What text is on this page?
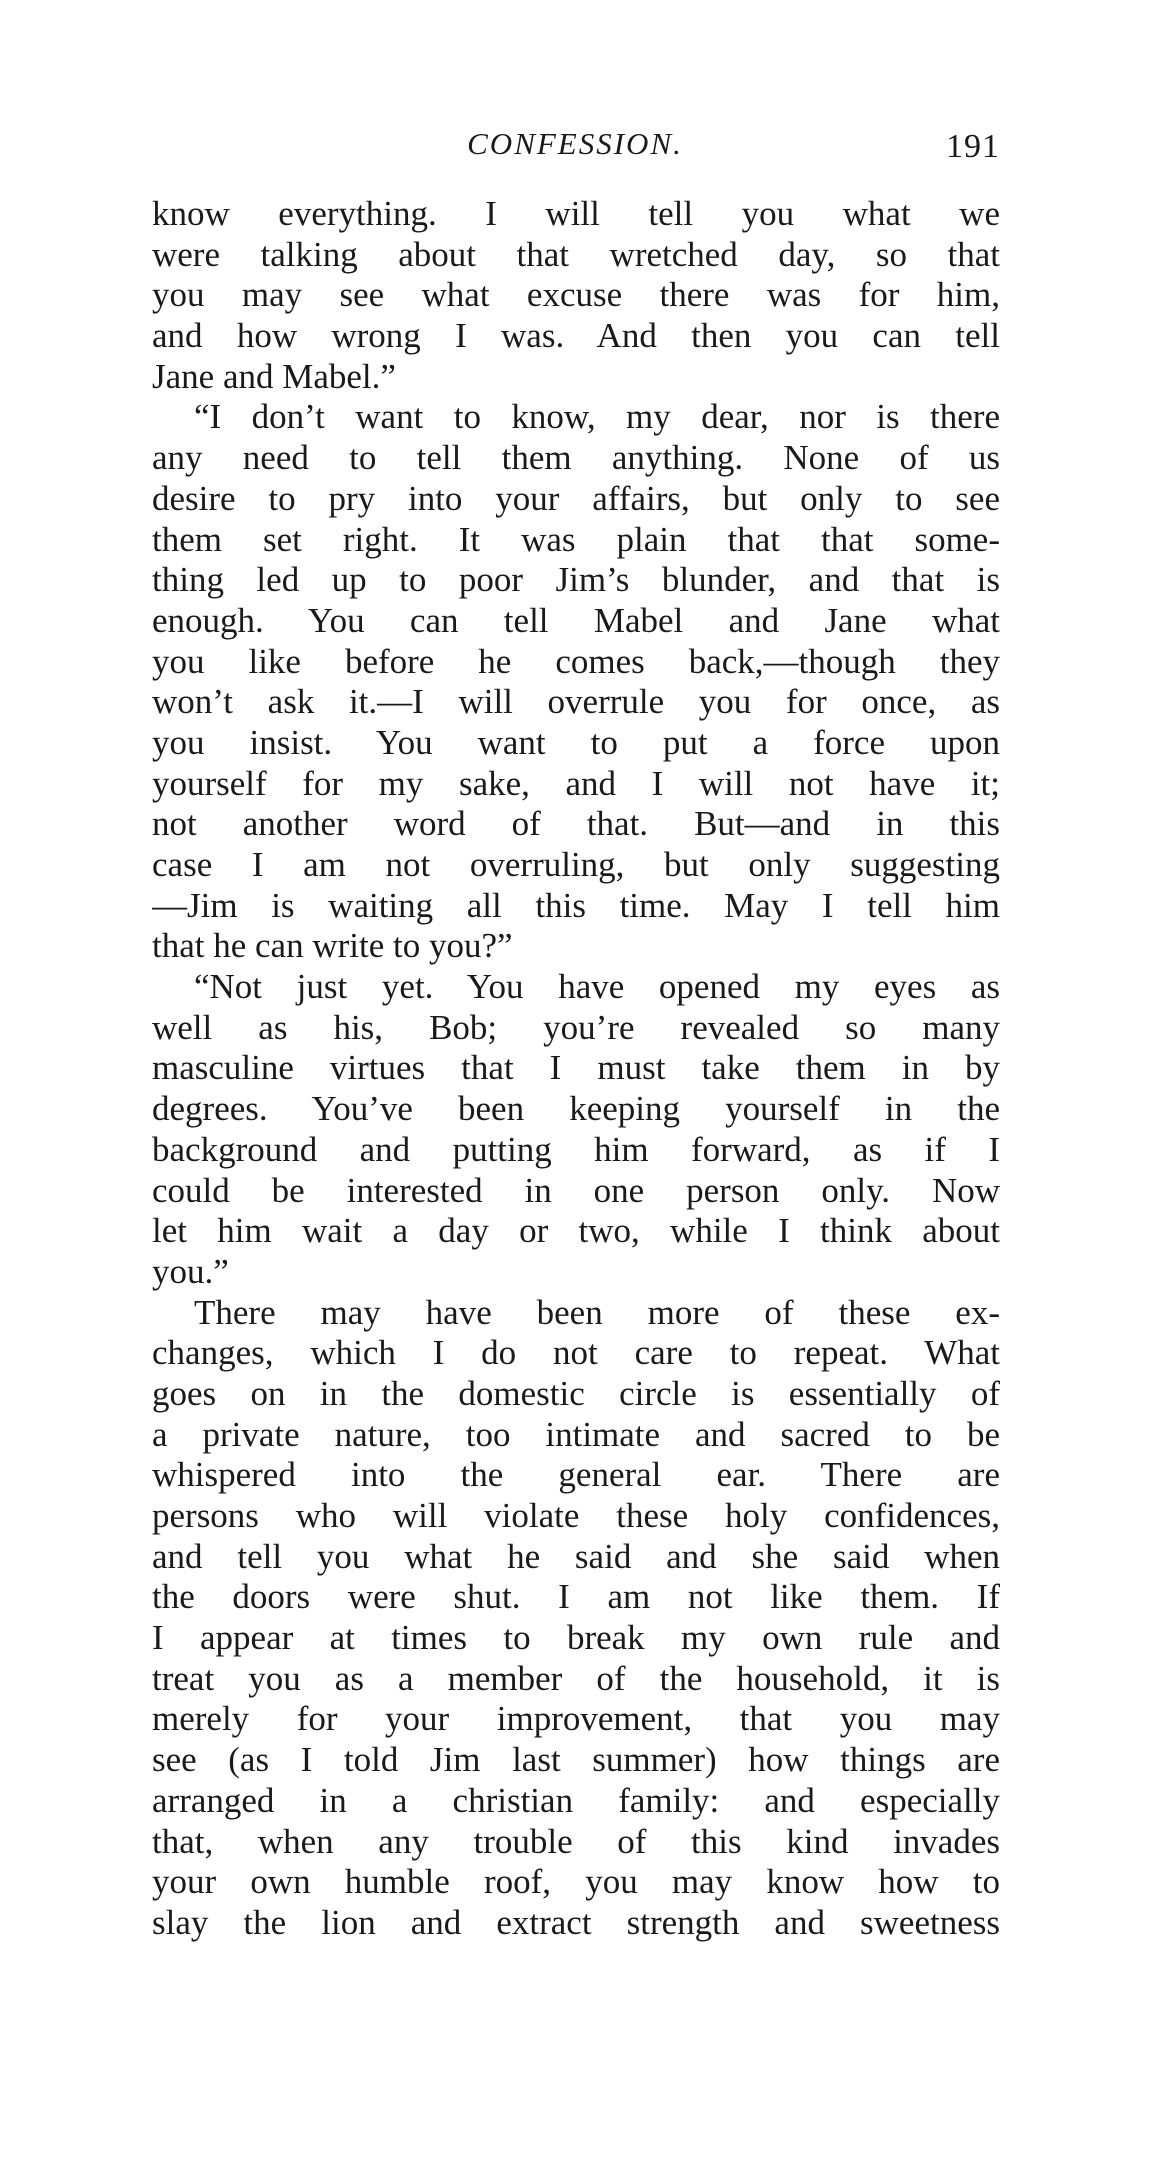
CONFESSION.	191
know everything. I will tell you what we
were talking about that wretched day, so that
you may see what excuse there was for him,
and how wrong I was. And then you can tell
Jane and Mabel.”
“I don’t want to know, my dear, nor is there
any need to tell them anything. None of us
desire to pry into your affairs, but only to see
them set right. It was plain that that some-
thing led up to poor Jim’s blunder, and that is
enough. You can tell Mabel and Jane what
you like before he comes back,—though they
won’t ask it.—I will overrule you for once, as
you insist. You want to put a force upon
yourself for my sake, and I will not have it;
not another word of that. But—and in this
case I am not overruling, but only suggesting
—Jim is waiting all this time. May I tell him
that he can write to you?”
“Not just yet. You have opened my eyes as
well as his, Bob; you’re revealed so many
masculine virtues that I must take them in by
degrees. You’ve been keeping yourself in the
background and putting him forward, as if I
could be interested in one person only. Now
let him wait a day or two, while I think about
you.”
There may have been more of these ex-
changes, which I do not care to repeat. What
goes on in the domestic circle is essentially of
a private nature, too intimate and sacred to be
whispered into the general ear. There are
persons who will violate these holy confidences,
and tell you what he said and she said when
the doors were shut. I am not like them. If
I appear at times to break my own rule and
treat you as a member of the household, it is
merely for your improvement, that you may
see (as I told Jim last summer) how things are
arranged in a christian family: and especially
that, when any trouble of this kind invades
your own humble roof, you may know how to
slay the lion and extract strength and sweetness
